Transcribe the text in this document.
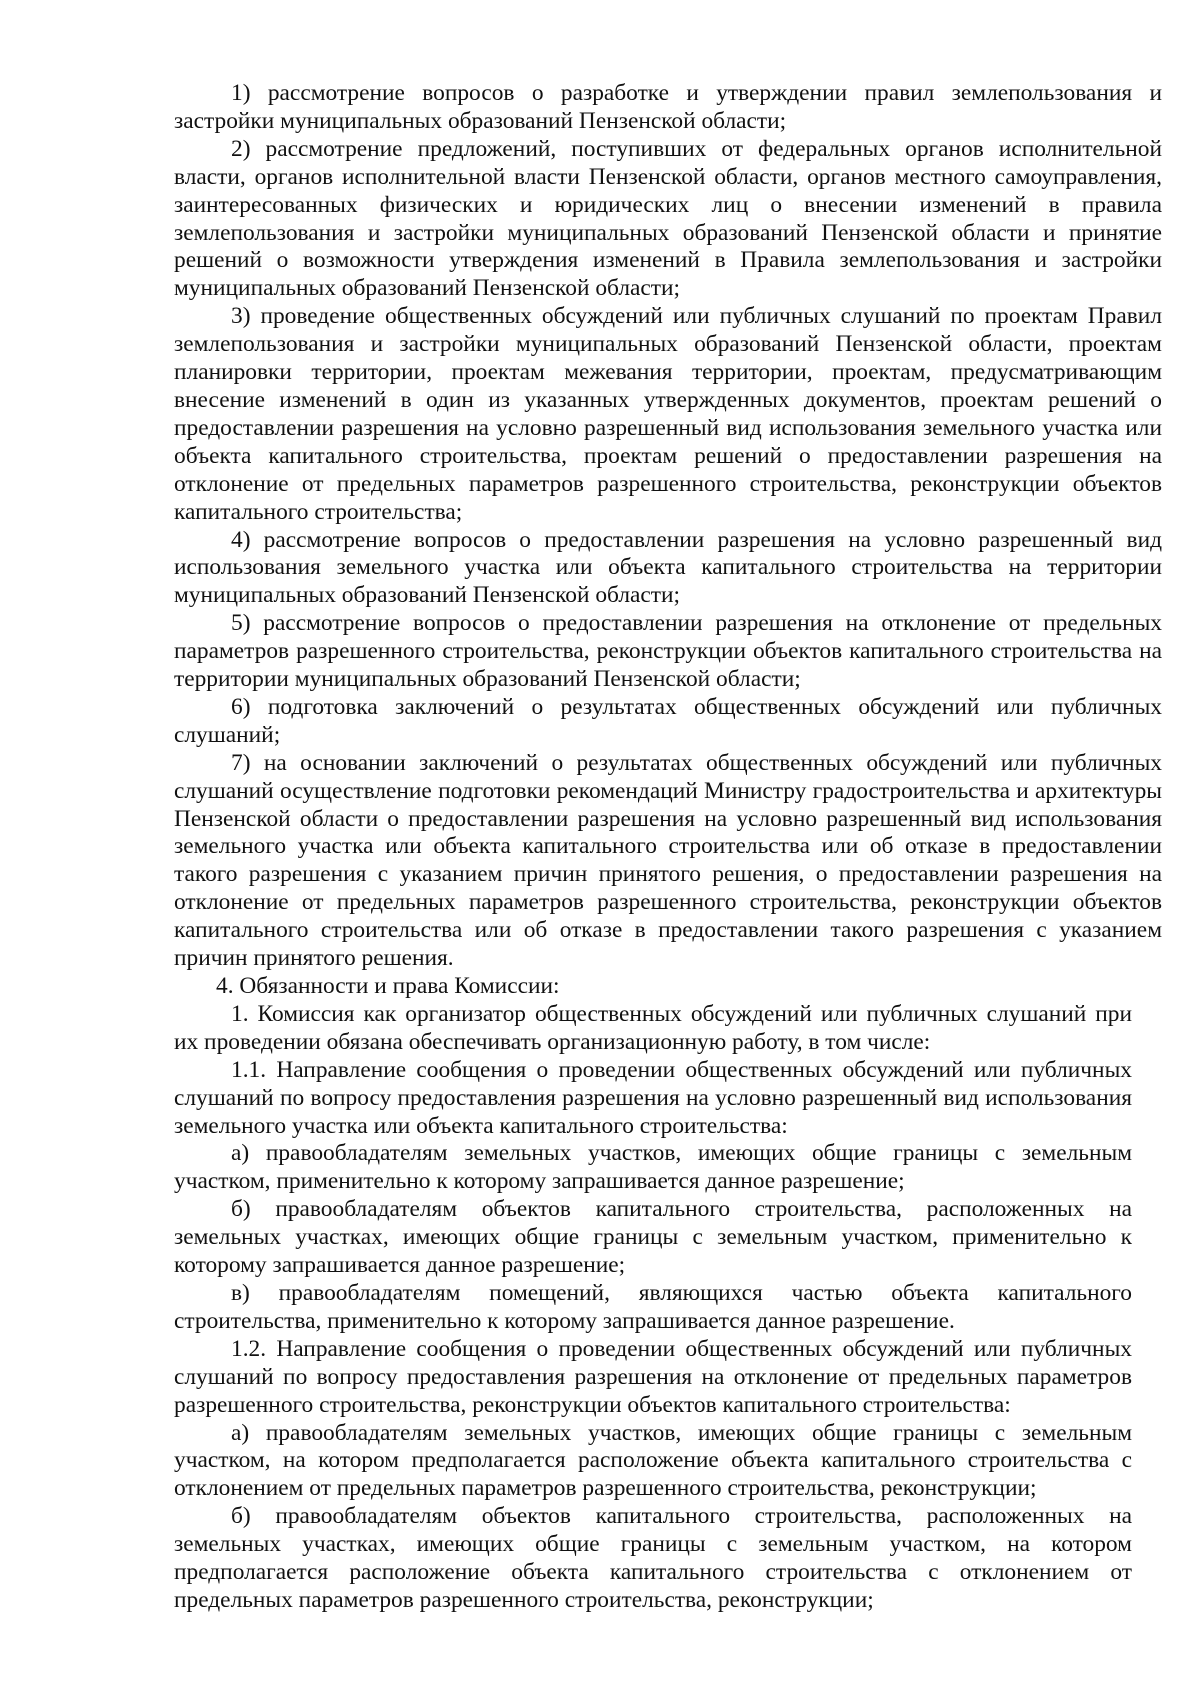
1) рассмотрение вопросов о разработке и утверждении правил землепользования и застройки муниципальных образований Пензенской области;

2) рассмотрение предложений, поступивших от федеральных органов исполнительной власти, органов исполнительной власти Пензенской области, органов местного самоуправления, заинтересованных физических и юридических лиц о внесении изменений в правила землепользования и застройки муниципальных образований Пензенской области и принятие решений о возможности утверждения изменений в Правила землепользования и застройки муниципальных образований Пензенской области;

3) проведение общественных обсуждений или публичных слушаний по проектам Правил землепользования и застройки муниципальных образований Пензенской области, проектам планировки территории, проектам межевания территории, проектам, предусматривающим внесение изменений в один из указанных утвержденных документов, проектам решений о предоставлении разрешения на условно разрешенный вид использования земельного участка или объекта капитального строительства, проектам решений о предоставлении разрешения на отклонение от предельных параметров разрешенного строительства, реконструкции объектов капитального строительства;

4) рассмотрение вопросов о предоставлении разрешения на условно разрешенный вид использования земельного участка или объекта капитального строительства на территории муниципальных образований Пензенской области;

5) рассмотрение вопросов о предоставлении разрешения на отклонение от предельных параметров разрешенного строительства, реконструкции объектов капитального строительства на территории муниципальных образований Пензенской области;

6) подготовка заключений о результатах общественных обсуждений или публичных слушаний;

7) на основании заключений о результатах общественных обсуждений или публичных слушаний осуществление подготовки рекомендаций Министру градостроительства и архитектуры Пензенской области о предоставлении разрешения на условно разрешенный вид использования земельного участка или объекта капитального строительства или об отказе в предоставлении такого разрешения с указанием причин принятого решения, о предоставлении разрешения на отклонение от предельных параметров разрешенного строительства, реконструкции объектов капитального строительства или об отказе в предоставлении такого разрешения с указанием причин принятого решения.

4. Обязанности и права Комиссии:

1. Комиссия как организатор общественных обсуждений или публичных слушаний при их проведении обязана обеспечивать организационную работу, в том числе:

1.1. Направление сообщения о проведении общественных обсуждений или публичных слушаний по вопросу предоставления разрешения на условно разрешенный вид использования земельного участка или объекта капитального строительства:

а) правообладателям земельных участков, имеющих общие границы с земельным участком, применительно к которому запрашивается данное разрешение;

б) правообладателям объектов капитального строительства, расположенных на земельных участках, имеющих общие границы с земельным участком, применительно к которому запрашивается данное разрешение;

в) правообладателям помещений, являющихся частью объекта капитального строительства, применительно к которому запрашивается данное разрешение.

1.2. Направление сообщения о проведении общественных обсуждений или публичных слушаний по вопросу предоставления разрешения на отклонение от предельных параметров разрешенного строительства, реконструкции объектов капитального строительства:

а) правообладателям земельных участков, имеющих общие границы с земельным участком, на котором предполагается расположение объекта капитального строительства с отклонением от предельных параметров разрешенного строительства, реконструкции;

б) правообладателям объектов капитального строительства, расположенных на земельных участках, имеющих общие границы с земельным участком, на котором предполагается расположение объекта капитального строительства с отклонением от предельных параметров разрешенного строительства, реконструкции;
